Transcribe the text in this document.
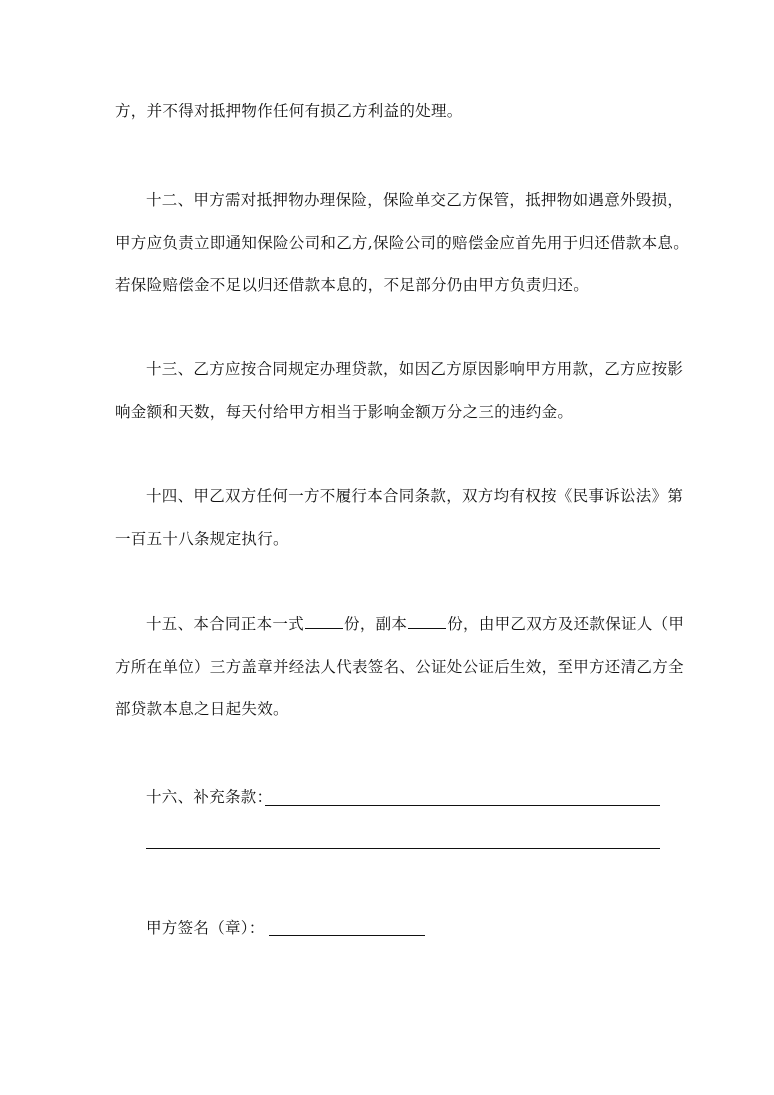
方，并不得对抵押物作任何有损乙方利益的处理。
十二、甲方需对抵押物办理保险，保险单交乙方保管，抵押物如遇意外毁损，
甲方应负责立即通知保险公司和乙方,保险公司的赔偿金应首先用于归还借款本息。
若保险赔偿金不足以归还借款本息的，不足部分仍由甲方负责归还。
十三、乙方应按合同规定办理贷款，如因乙方原因影响甲方用款，乙方应按影
响金额和天数，每天付给甲方相当于影响金额万分之三的违约金。
十四、甲乙双方任何一方不履行本合同条款，双方均有权按《民事诉讼法》第
一百五十八条规定执行。
十五、本合同正本一式	份，副本	份，由甲乙双方及还款保证人（甲
方所在单位）三方盖章并经法人代表签名、公证处公证后生效，至甲方还清乙方全
部贷款本息之日起失效。
十六、补充条款：
甲方签名（章）：
